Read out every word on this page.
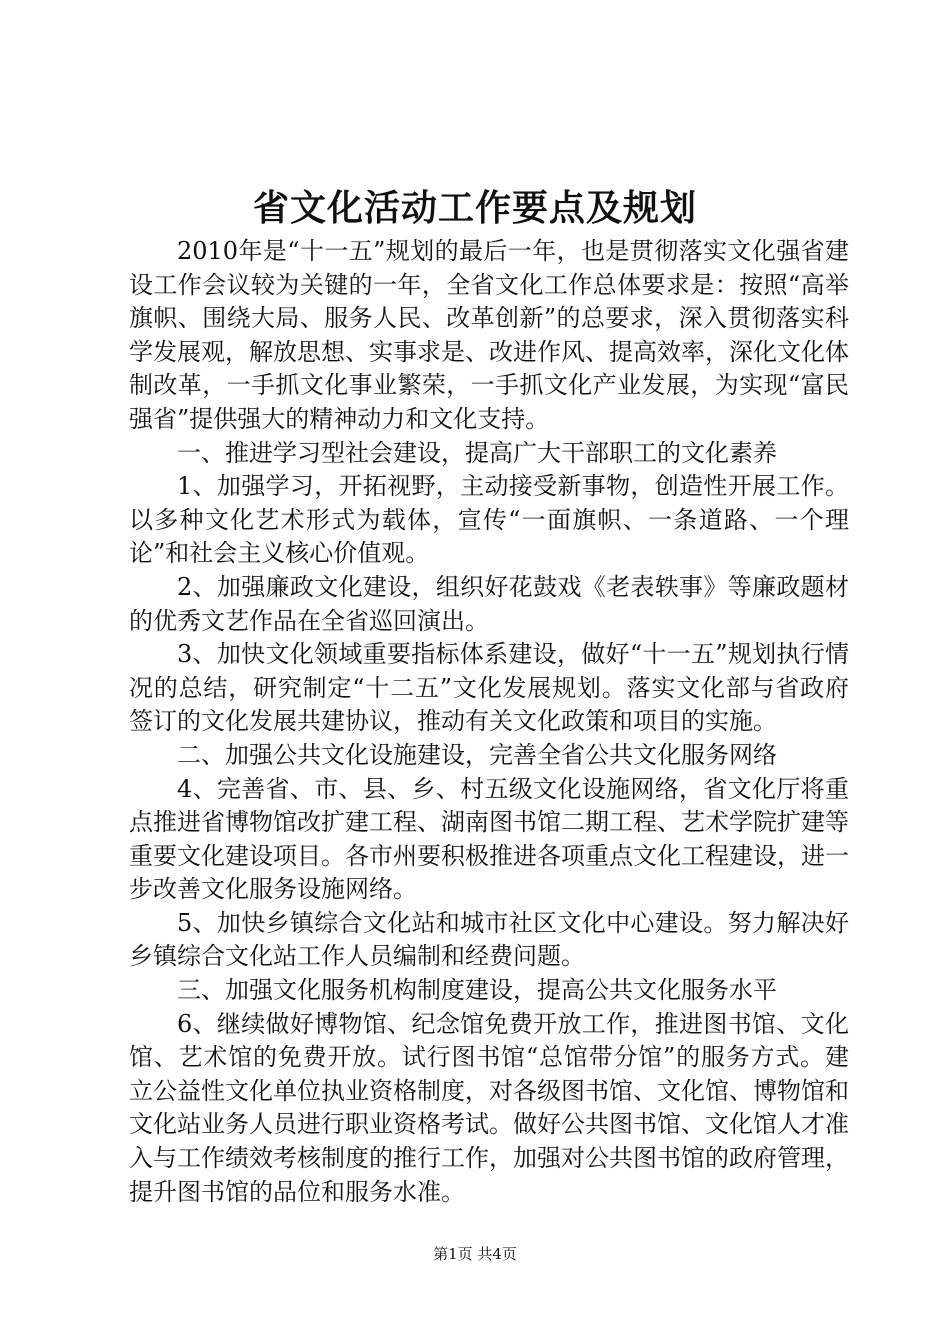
省文化活动工作要点及规划

2010年是“十一五”规划的最后一年，也是贯彻落实文化强省建设工作会议较为关键的一年，全省文化工作总体要求是：按照“高举旗帜、围绕大局、服务人民、改革创新”的总要求，深入贯彻落实科学发展观，解放思想、实事求是、改进作风、提高效率，深化文化体制改革，一手抓文化事业繁荣，一手抓文化产业发展，为实现“富民强省”提供强大的精神动力和文化支持。

一、推进学习型社会建设，提高广大干部职工的文化素养

1、加强学习，开拓视野，主动接受新事物，创造性开展工作。以多种文化艺术形式为载体，宣传“一面旗帜、一条道路、一个理论”和社会主义核心价值观。

2、加强廉政文化建设，组织好花鼓戏《老表轶事》等廉政题材的优秀文艺作品在全省巡回演出。

3、加快文化领域重要指标体系建设，做好“十一五”规划执行情况的总结，研究制定“十二五”文化发展规划。落实文化部与省政府签订的文化发展共建协议，推动有关文化政策和项目的实施。

二、加强公共文化设施建设，完善全省公共文化服务网络

4、完善省、市、县、乡、村五级文化设施网络，省文化厅将重点推进省博物馆改扩建工程、湖南图书馆二期工程、艺术学院扩建等重要文化建设项目。各市州要积极推进各项重点文化工程建设，进一步改善文化服务设施网络。

5、加快乡镇综合文化站和城市社区文化中心建设。努力解决好乡镇综合文化站工作人员编制和经费问题。

三、加强文化服务机构制度建设，提高公共文化服务水平

6、继续做好博物馆、纪念馆免费开放工作，推进图书馆、文化馆、艺术馆的免费开放。试行图书馆“总馆带分馆”的服务方式。建立公益性文化单位执业资格制度，对各级图书馆、文化馆、博物馆和文化站业务人员进行职业资格考试。做好公共图书馆、文化馆人才准入与工作绩效考核制度的推行工作，加强对公共图书馆的政府管理，提升图书馆的品位和服务水准。

第1页 共4页
